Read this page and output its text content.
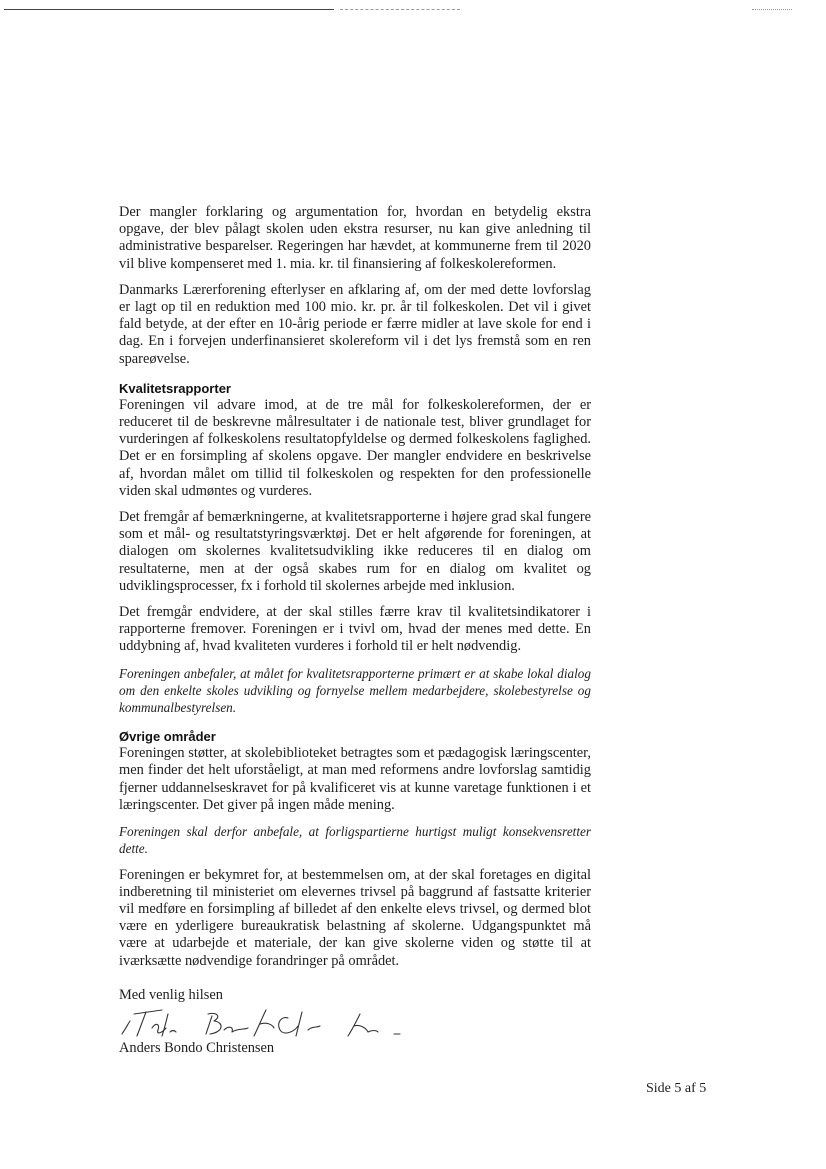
Der mangler forklaring og argumentation for, hvordan en betydelig ekstra opgave, der blev pålagt skolen uden ekstra resurser, nu kan give anledning til administrative besparelser. Regeringen har hævdet, at kommunerne frem til 2020 vil blive kompenseret med 1. mia. kr. til finansiering af folkeskolereformen.

Danmarks Lærerforening efterlyser en afklaring af, om der med dette lovforslag er lagt op til en reduktion med 100 mio. kr. pr. år til folkeskolen. Det vil i givet fald betyde, at der efter en 10-årig periode er færre midler at lave skole for end i dag. En i forvejen underfinansieret skolereform vil i det lys fremstå som en ren spareøvelse.

Kvalitetsrapporter

Foreningen vil advare imod, at de tre mål for folkeskolereformen, der er reduceret til de beskrevne målresultater i de nationale test, bliver grundlaget for vurderingen af folkeskolens resultatopfyldelse og dermed folkeskolens faglighed. Det er en forsimpling af skolens opgave. Der mangler endvidere en beskrivelse af, hvordan målet om tillid til folkeskolen og respekten for den professionelle viden skal udmøntes og vurderes.

Det fremgår af bemærkningerne, at kvalitetsrapporterne i højere grad skal fungere som et mål- og resultatstyringsværktøj. Det er helt afgørende for foreningen, at dialogen om skolernes kvalitetsudvikling ikke reduceres til en dialog om resultaterne, men at der også skabes rum for en dialog om kvalitet og udviklingsprocesser, fx i forhold til skolernes arbejde med inklusion.

Det fremgår endvidere, at der skal stilles færre krav til kvalitetsindikatorer i rapporterne fremover. Foreningen er i tvivl om, hvad der menes med dette. En uddybning af, hvad kvaliteten vurderes i forhold til er helt nødvendig.

Foreningen anbefaler, at målet for kvalitetsrapporterne primært er at skabe lokal dialog om den enkelte skoles udvikling og fornyelse mellem medarbejdere, skolebestyrelse og kommunalbestyrelsen.

Øvrige områder

Foreningen støtter, at skolebiblioteket betragtes som et pædagogisk læringscenter, men finder det helt uforståeligt, at man med reformens andre lovforslag samtidig fjerner uddannelseskravet for på kvalificeret vis at kunne varetage funktionen i et læringscenter. Det giver på ingen måde mening.

Foreningen skal derfor anbefale, at forligspartierne hurtigst muligt konsekvensretter dette.

Foreningen er bekymret for, at bestemmelsen om, at der skal foretages en digital indberetning til ministeriet om elevernes trivsel på baggrund af fastsatte kriterier vil medføre en forsimpling af billedet af den enkelte elevs trivsel, og dermed blot være en yderligere bureaukratisk belastning af skolerne. Udgangspunktet må være at udarbejde et materiale, der kan give skolerne viden og støtte til at iværksætte nødvendige forandringer på området.

Med venlig hilsen
Anders Bondo Christensen
Side 5 af 5
